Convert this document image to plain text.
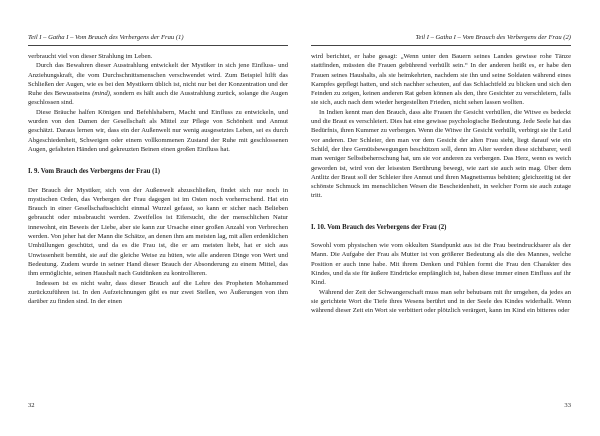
Teil I – Gatha I – Vom Brauch des Verbergens der Frau (1)

verbraucht viel von dieser Strahlung im Leben.

Durch das Bewahren dieser Ausstrahlung entwickelt der Mystiker in sich jene Einfluss- und Anziehungskraft, die vom Durchschnittsmenschen verschwendet wird. Zum Beispiel hilft das Schließen der Augen, wie es bei den Mystikern üblich ist, nicht nur bei der Konzentration und der Ruhe des Bewusstseins (mind), sondern es hält auch die Ausstrahlung zurück, solange die Augen geschlossen sind.

Diese Bräuche halfen Königen und Befehlshabern, Macht und Einfluss zu entwickeln, und wurden von den Damen der Gesellschaft als Mittel zur Pflege von Schönheit und Anmut geschätzt. Daraus lernen wir, dass ein der Außenwelt nur wenig ausgesetztes Leben, sei es durch Abgeschiedenheit, Schweigen oder einem vollkommenen Zustand der Ruhe mit geschlossenen Augen, gefalteten Händen und gekreuzten Beinen einen großen Einfluss hat.

I. 9. Vom Brauch des Verbergens der Frau (1)

Der Brauch der Mystiker, sich von der Außenwelt abzuschließen, findet sich nur noch in mystischen Orden, das Verbergen der Frau dagegen ist im Osten noch vorherrschend. Hat ein Brauch in einer Gesellschaftsschicht einmal Wurzel gefasst, so kann er sicher nach Belieben gebraucht oder missbraucht werden. Zweifellos ist Eifersucht, die der menschlichen Natur innewohnt, ein Beweis der Liebe, aber sie kann zur Ursache einer großen Anzahl von Verbrechen werden. Von jeher hat der Mann die Schätze, an denen ihm am meisten lag, mit allen erdenklichen Umhüllungen geschützt, und da es die Frau ist, die er am meisten liebt, hat er sich aus Unwissenheit bemüht, sie auf die gleiche Weise zu hüten, wie alle anderen Dinge von Wert und Bedeutung. Zudem wurde in seiner Hand dieser Brauch der Absonderung zu einem Mittel, das ihm ermöglichte, seinen Haushalt nach Gutdünken zu kontrollieren.

Indessen ist es nicht wahr, dass dieser Brauch auf die Lehre des Propheten Mohammed zurückzuführen ist. In den Aufzeichnungen gibt es nur zwei Stellen, wo Äußerungen von ihm darüber zu finden sind. In der einen

32
Teil I – Gatha I – Vom Brauch des Verbergens der Frau (2)

wird berichtet, er habe gesagt: „Wenn unter den Bauern seines Landes gewisse rohe Tänze stattfinden, müssten die Frauen gebührend verhüllt sein.“ In der anderen heißt es, er habe den Frauen seines Haushalts, als sie heimkehrten, nachdem sie ihn und seine Soldaten während eines Kampfes gepflegt hatten, und sich nachher scheuten, auf das Schlachtfeld zu blicken und sich den Feinden zu zeigen, keinen anderen Rat geben können als den, ihre Gesichter zu verschleiern, falls sie sich, auch nach dem wieder hergestellten Frieden, nicht sehen lassen wollten.

In Indien kennt man den Brauch, dass alte Frauen ihr Gesicht verhüllen, die Witwe es bedeckt und die Braut es verschleiert. Dies hat eine gewisse psychologische Bedeutung. Jede Seele hat das Bedürfnis, ihren Kummer zu verbergen. Wenn die Witwe ihr Gesicht verhüllt, verbirgt sie ihr Leid vor anderen. Der Schleier, den man vor dem Gesicht der alten Frau sieht, liegt darauf wie ein Schild, der ihre Gemütsbewegungen beschützen soll, denn im Alter werden diese sichtbarer, weil man weniger Selbstbeherrschung hat, um sie vor anderen zu verbergen. Das Herz, wenn es weich geworden ist, wird von der leisesten Berührung bewegt, wie zart sie auch sein mag. Über dem Antlitz der Braut soll der Schleier ihre Anmut und ihren Magnetismus behüten; gleichzeitig ist der schönste Schmuck im menschlichen Wesen die Bescheidenheit, in welcher Form sie auch zutage tritt.

I. 10. Vom Brauch des Verbergens der Frau (2)

Sowohl vom physischen wie vom okkulten Standpunkt aus ist die Frau beeindruckbarer als der Mann. Die Aufgabe der Frau als Mutter ist von größerer Bedeutung als die des Mannes, welche Position er auch inne habe. Mit ihrem Denken und Fühlen formt die Frau den Charakter des Kindes, und da sie für äußere Eindrücke empfänglich ist, haben diese immer einen Einfluss auf ihr Kind.

Während der Zeit der Schwangerschaft muss man sehr behutsam mit ihr umgehen, da jedes an sie gerichtete Wort die Tiefe ihres Wesens berührt und in der Seele des Kindes widerhallt. Wenn während dieser Zeit ein Wort sie verbittert oder plötzlich verärgert, kann im Kind ein bitteres oder

33
